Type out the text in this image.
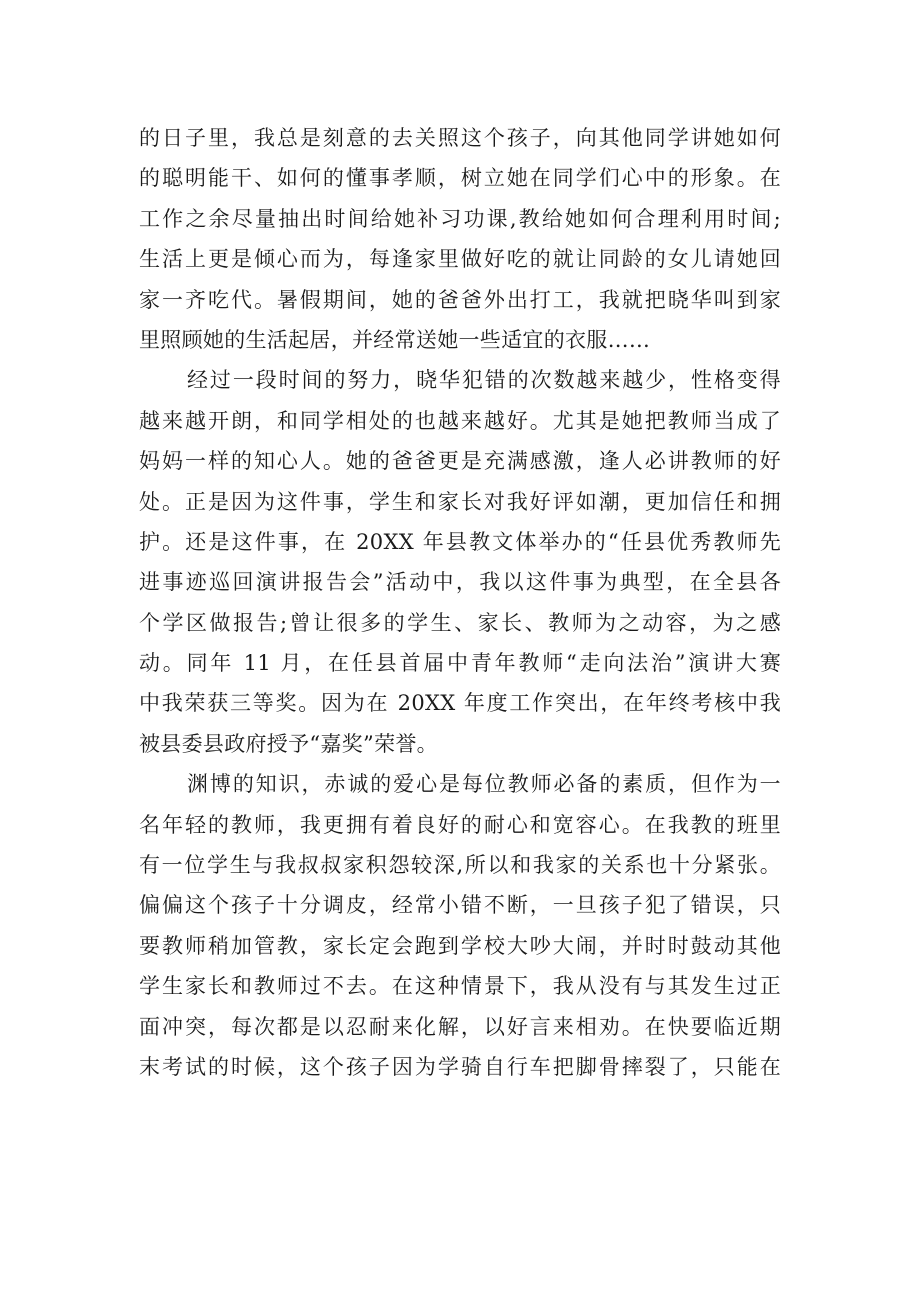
的日子里，我总是刻意的去关照这个孩子，向其他同学讲她如何
的聪明能干、如何的懂事孝顺，树立她在同学们心中的形象。在
工作之余尽量抽出时间给她补习功课,教给她如何合理利用时间;
生活上更是倾心而为，每逢家里做好吃的就让同龄的女儿请她回
家一齐吃代。暑假期间，她的爸爸外出打工，我就把晓华叫到家
里照顾她的生活起居，并经常送她一些适宜的衣服……
经过一段时间的努力，晓华犯错的次数越来越少，性格变得
越来越开朗，和同学相处的也越来越好。尤其是她把教师当成了
妈妈一样的知心人。她的爸爸更是充满感激，逢人必讲教师的好
处。正是因为这件事，学生和家长对我好评如潮，更加信任和拥
护。还是这件事，在 20XX 年县教文体举办的“任县优秀教师先
进事迹巡回演讲报告会”活动中，我以这件事为典型，在全县各
个学区做报告;曾让很多的学生、家长、教师为之动容，为之感
动。同年 11 月，在任县首届中青年教师“走向法治”演讲大赛
中我荣获三等奖。因为在 20XX 年度工作突出，在年终考核中我
被县委县政府授予“嘉奖”荣誉。
渊博的知识，赤诚的爱心是每位教师必备的素质，但作为一
名年轻的教师，我更拥有着良好的耐心和宽容心。在我教的班里
有一位学生与我叔叔家积怨较深,所以和我家的关系也十分紧张。
偏偏这个孩子十分调皮，经常小错不断，一旦孩子犯了错误，只
要教师稍加管教，家长定会跑到学校大吵大闹，并时时鼓动其他
学生家长和教师过不去。在这种情景下，我从没有与其发生过正
面冲突，每次都是以忍耐来化解，以好言来相劝。在快要临近期
末考试的时候，这个孩子因为学骑自行车把脚骨摔裂了，只能在
